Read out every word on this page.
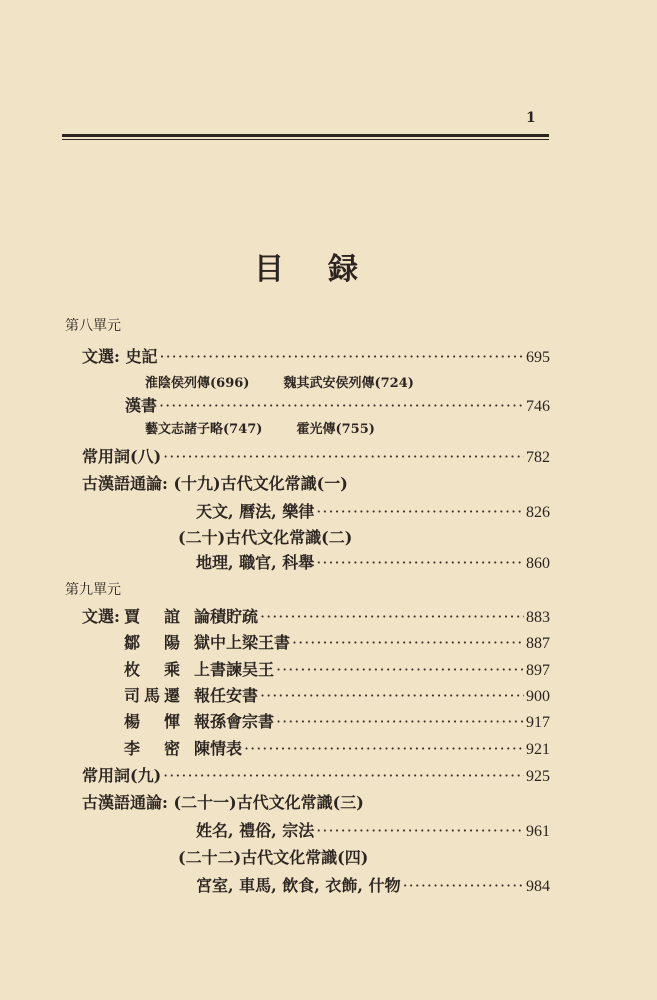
1
目録
第八單元
文選: 史記 ·····	695
淮陰侯列傳(696)	魏其武安侯列傳(724)
漢書 ·····	746
藝文志諸子略(747)	霍光傳(755)
常用詞(八) ·····	782
古漢語通論: (十九)古代文化常識(一)
天文, 曆法, 樂律 ·····	826
(二十)古代文化常識(二)
地理, 職官, 科舉 ·····	860
第九單元
文選: 賈誼 論積貯疏 ·····	883
鄒陽 獄中上梁王書 ·····	887
枚乘 上書諫吴王 ·····	897
司馬遷 報任安書 ·····	900
楊惲 報孫會宗書 ·····	917
李密 陳情表 ·····	921
常用詞(九) ·····	925
古漢語通論: (二十一)古代文化常識(三)
姓名, 禮俗, 宗法 ·····	961
(二十二)古代文化常識(四)
宮室, 車馬, 飲食, 衣飾, 什物 ·····	984
